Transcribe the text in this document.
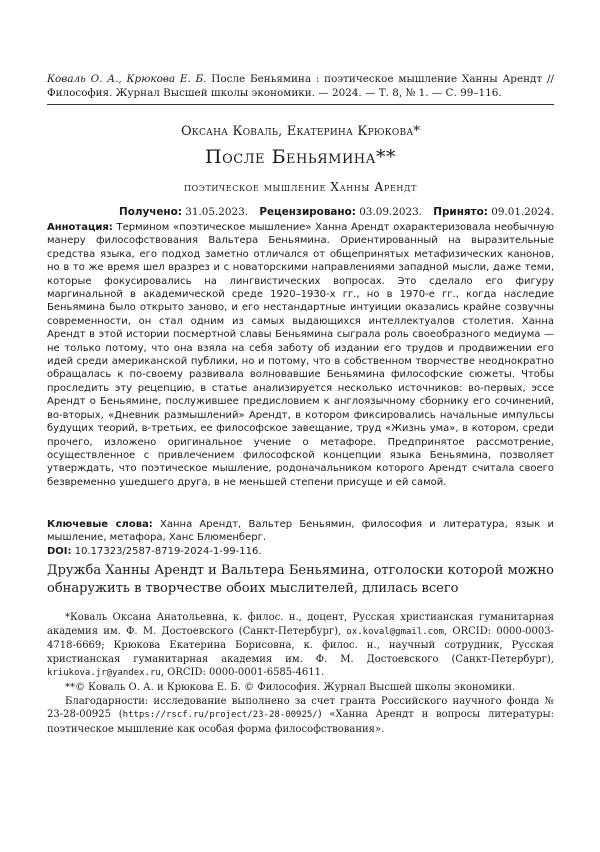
Коваль О. А., Крюкова Е. Б. После Беньямина : поэтическое мышление Ханны Арендт // Философия. Журнал Высшей школы экономики. — 2024. — Т. 8, № 1. — С. 99–116.
Оксана Коваль, Екатерина Крюкова*
После Беньямина**
поэтическое мышление Ханны Арендт
Получено: 31.05.2023. Рецензировано: 03.09.2023. Принято: 09.01.2024.

Аннотация: Термином «поэтическое мышление» Ханна Арендт охарактеризовала необычную манеру философствования Вальтера Беньямина. Ориентированный на выразительные средства языка, его подход заметно отличался от общепринятых метафизических канонов, но в то же время шел вразрез и с новаторскими направлениями западной мысли, даже теми, которые фокусировались на лингвистических вопросах. Это сделало его фигуру маргинальной в академической среде 1920–1930-х гг., но в 1970-е гг., когда наследие Беньямина было открыто заново, и его нестандартные интуиции оказались крайне созвучны современности, он стал одним из самых выдающихся интеллектуалов столетия. Ханна Арендт в этой истории посмертной славы Беньямина сыграла роль своеобразного медиума — не только потому, что она взяла на себя заботу об издании его трудов и продвижении его идей среди американской публики, но и потому, что в собственном творчестве неоднократно обращалась к по-своему развивала волновавшие Беньямина философские сюжеты. Чтобы проследить эту рецепцию, в статье анализируется несколько источников: во-первых, эссе Арендт о Беньямине, послужившее предисловием к англоязычному сборнику его сочинений, во-вторых, «Дневник размышлений» Арендт, в котором фиксировались начальные импульсы будущих теорий, в-третьих, ее философское завещание, труд «Жизнь ума», в котором, среди прочего, изложено оригинальное учение о метафоре. Предпринятое рассмотрение, осуществленное с привлечением философской концепции языка Беньямина, позволяет утверждать, что поэтическое мышление, родоначальником которого Арендт считала своего безвременно ушедшего друга, в не меньшей степени присуще и ей самой.

Ключевые слова: Ханна Арендт, Вальтер Беньямин, философия и литература, язык и мышление, метафора, Ханс Блюменберг.
DOI: 10.17323/2587-8719-2024-1-99-116.
Дружба Ханны Арендт и Вальтера Беньямина, отголоски которой можно обнаружить в творчестве обоих мыслителей, длилась всего

*Коваль Оксана Анатольевна, к. филос. н., доцент, Русская христианская гуманитарная академия им. Ф. М. Достоевского (Санкт-Петербург), ox.koval@gmail.com, ORCID: 0000-0003-4718-6669; Крюкова Екатерина Борисовна, к. филос. н., научный сотрудник, Русская христианская гуманитарная академия им. Ф. М. Достоевского (Санкт-Петербург), kriukova.jr@yandex.ru, ORCID: 0000-0001-6585-4611.

**© Коваль О. А. и Крюкова Е. Б. © Философия. Журнал Высшей школы экономики.

Благодарности: исследование выполнено за счет гранта Российского научного фонда № 23-28-00925 (https://rscf.ru/project/23-28-00925/) «Ханна Арендт и вопросы литературы: поэтическое мышление как особая форма философствования».
